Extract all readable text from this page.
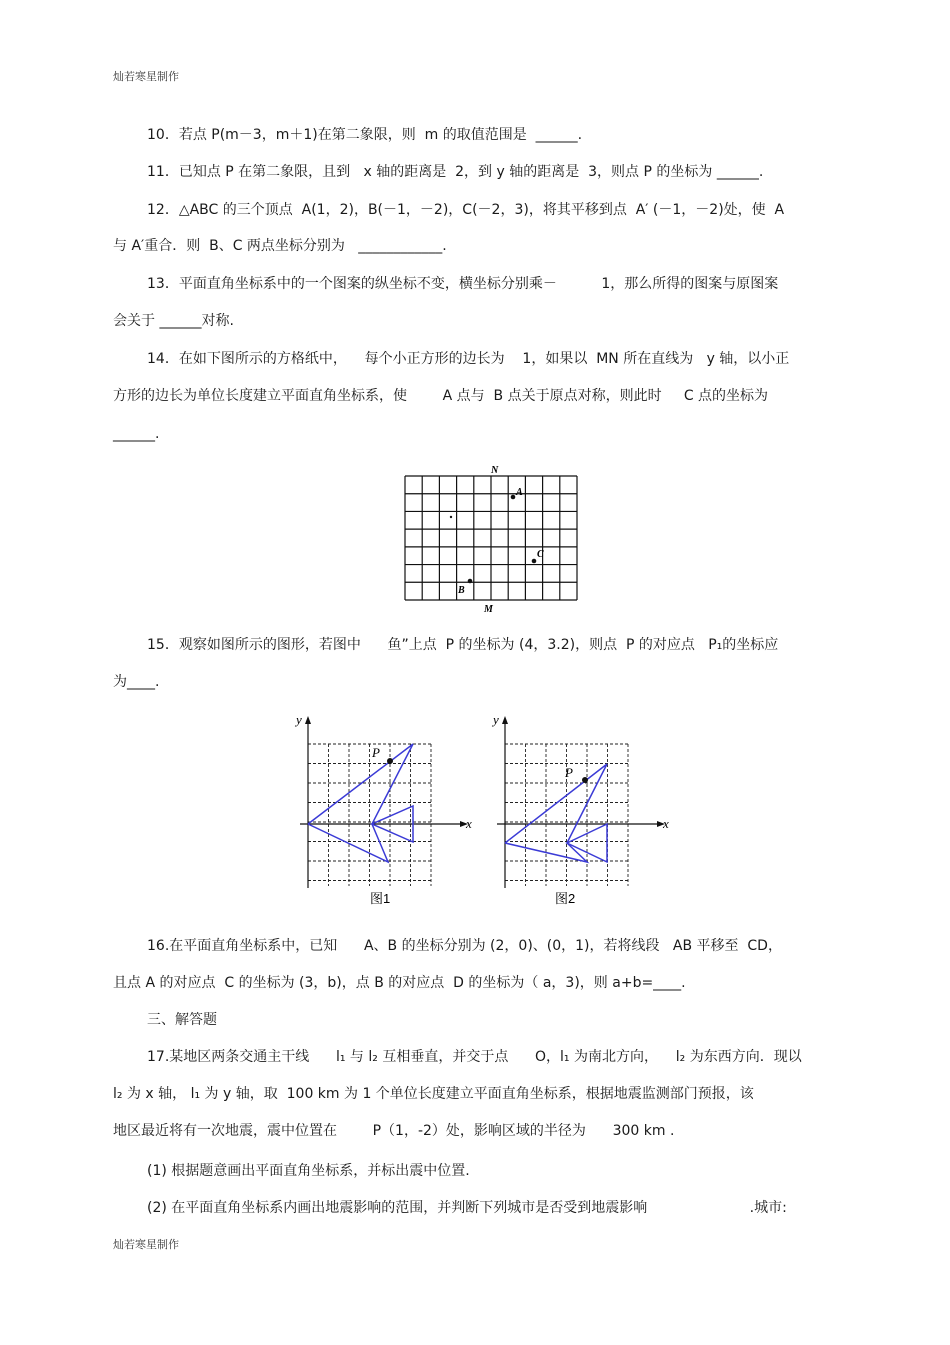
灿若寒星制作
10．若点 P(m－3，m＋1)在第二象限，则  m 的取值范围是  ______.
11．已知点 P 在第二象限，且到   x 轴的距离是  2，到 y 轴的距离是  3，则点 P 的坐标为 ______.
12．△ABC 的三个顶点  A(1，2)，B(－1，－2)，C(－2，3)，将其平移到点  A′ (－1，－2)处，使  A
与 A′重合．则  B、C 两点坐标分别为   ____________.
13．平面直角坐标系中的一个图案的纵坐标不变，横坐标分别乘－          1，那么所得的图案与原图案
会关于 ______对称.
14．在如下图所示的方格纸中，    每个小正方形的边长为    1，如果以  MN 所在直线为   y 轴，以小正
方形的边长为单位长度建立平面直角坐标系，使        A 点与  B 点关于原点对称，则此时     C 点的坐标为
______.
N
A
C
B
M
15．观察如图所示的图形，若图中      鱼”上点  P 的坐标为 (4，3.2)，则点  P 的对应点   P₁的坐标应
为____.
x
y
P
图1
x
y
P
图2
16.在平面直角坐标系中，已知      A、B 的坐标分别为 (2，0)、(0，1)，若将线段   AB 平移至  CD，
且点 A 的对应点  C 的坐标为 (3，b)，点 B 的对应点  D 的坐标为（ a，3)，则 a+b=____.
三、解答题
17.某地区两条交通主干线      l₁ 与 l₂ 互相垂直，并交于点      O，l₁ 为南北方向，    l₂ 为东西方向．现以
l₂ 为 x 轴， l₁ 为 y 轴，取  100 km 为 1 个单位长度建立平面直角坐标系，根据地震监测部门预报，该
地区最近将有一次地震，震中位置在        P（1，-2）处，影响区域的半径为      300 km .
(1) 根据题意画出平面直角坐标系，并标出震中位置.
(2) 在平面直角坐标系内画出地震影响的范围，并判断下列城市是否受到地震影响                       .城市:
灿若寒星制作
